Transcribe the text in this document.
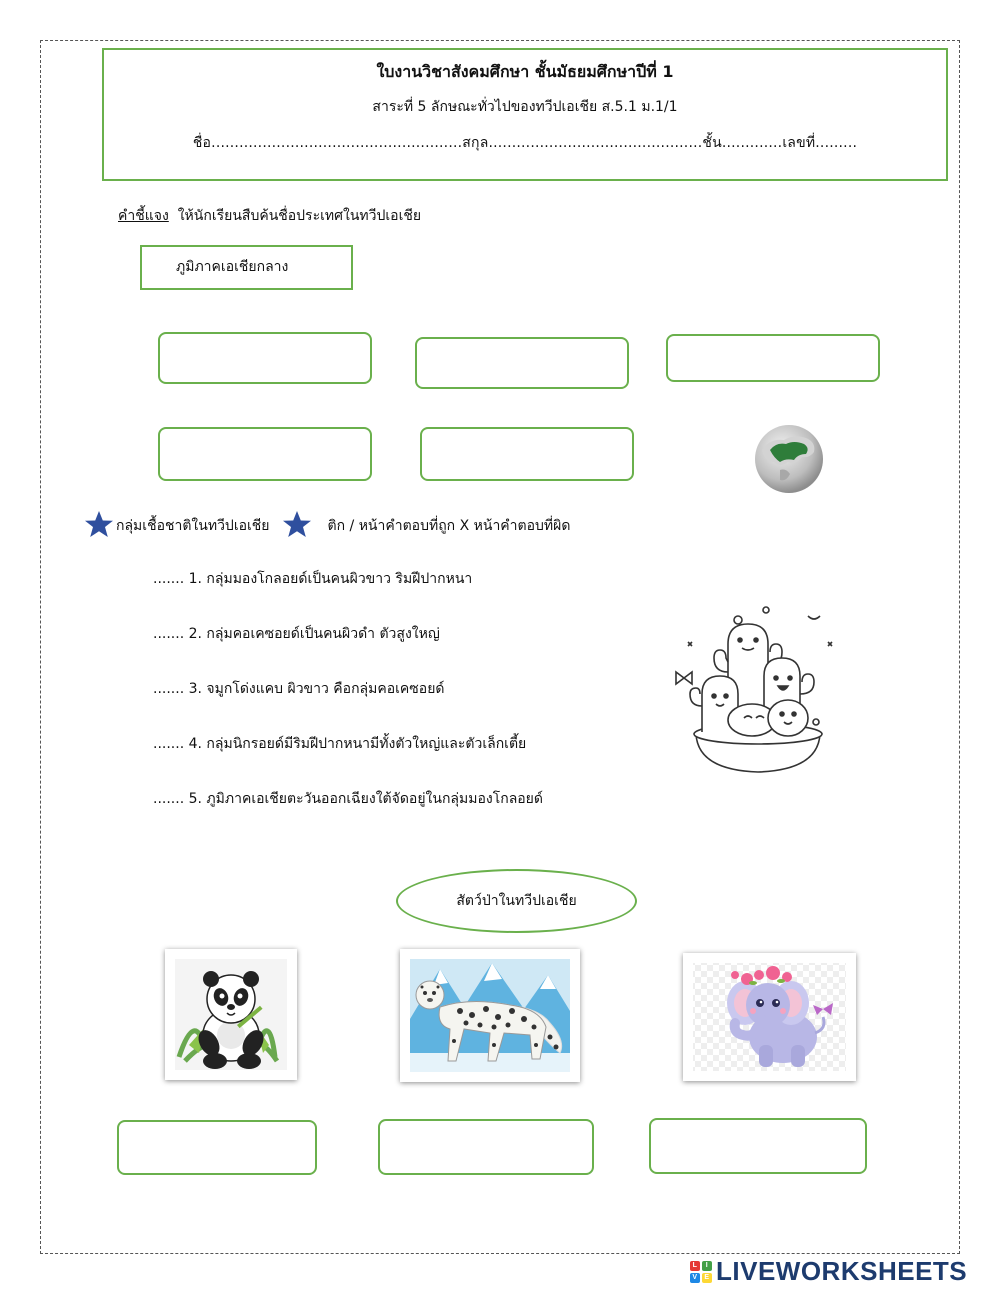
ใบงานวิชาสังคมศึกษา ชั้นมัธยมศึกษาปีที่ 1
สาระที่ 5 ลักษณะทั่วไปของทวีปเอเชีย ส.5.1 ม.1/1
ชื่อ......................................................สกุล..............................................ชั้น.............เลขที่.........
คำชี้แจง ให้นักเรียนสืบค้นชื่อประเทศในทวีปเอเชีย
ภูมิภาคเอเชียกลาง
กลุ่มเชื้อชาติในทวีปเอเชีย	ติก / หน้าคำตอบที่ถูก X หน้าคำตอบที่ผิด
....... 1. กลุ่มมองโกลอยด์เป็นคนผิวขาว ริมฝีปากหนา
....... 2. กลุ่มคอเคซอยด์เป็นคนผิวดำ ตัวสูงใหญ่
....... 3. จมูกโด่งแคบ ผิวขาว คือกลุ่มคอเคซอยด์
....... 4. กลุ่มนิกรอยด์มีริมฝีปากหนามีทั้งตัวใหญ่และตัวเล็กเตี้ย
....... 5. ภูมิภาคเอเชียตะวันออกเฉียงใต้จัดอยู่ในกลุ่มมองโกลอยด์
สัตว์ป่าในทวีปเอเชีย
L	I
V E LIVEWORKSHEETS
